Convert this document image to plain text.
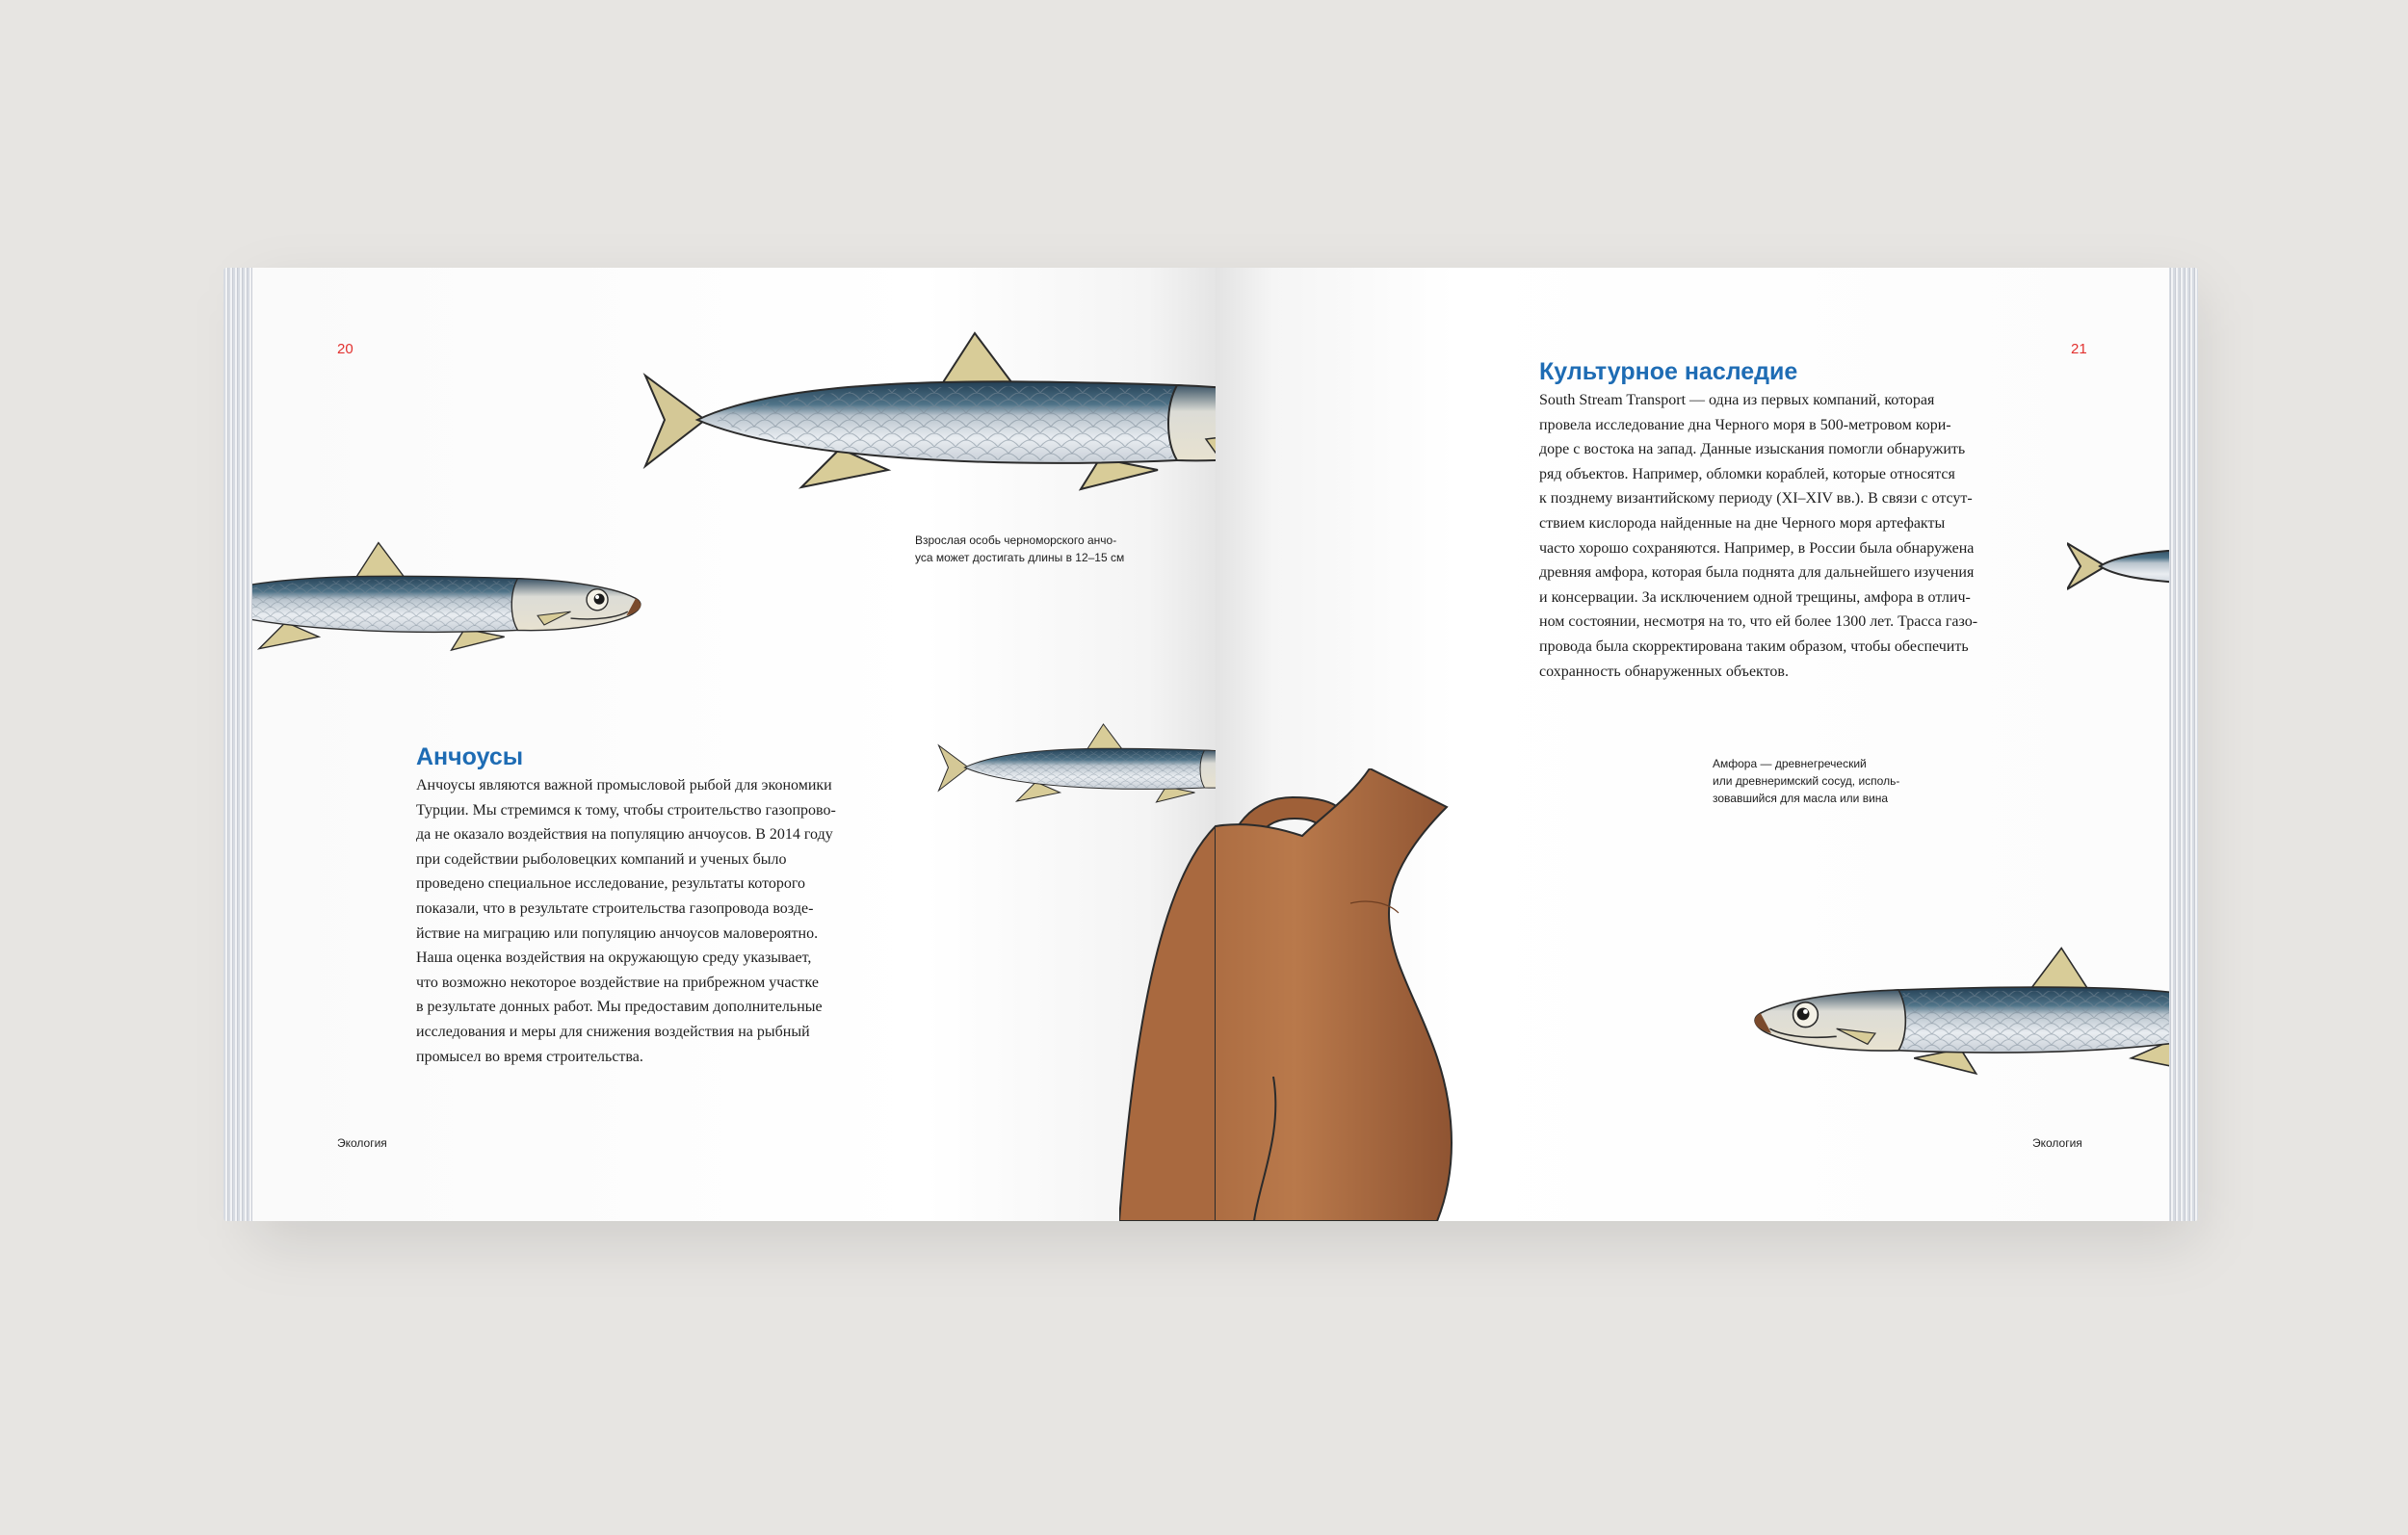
20

Взрослая особь черноморского анчо-
уса может достигать длины в 12–15 см

Анчоусы

Анчоусы являются важной промысловой рыбой для экономики
Турции. Мы стремимся к тому, чтобы строительство газопрово-
да не оказало воздействия на популяцию анчоусов. В 2014 году
при содействии рыболовецких компаний и ученых было
проведено специальное исследование, результаты которого
показали, что в результате строительства газопровода возде-
йствие на миграцию или популяцию анчоусов маловероятно.
Наша оценка воздействия на окружающую среду указывает,
что возможно некоторое воздействие на прибрежном участке
в результате донных работ. Мы предоставим дополнительные
исследования и меры для снижения воздействия на рыбный
промысел во время строительства.

Экология
21
Культурное наследие

South Stream Transport — одна из первых компаний, которая
провела исследование дна Черного моря в 500-метровом кори-
доре с востока на запад. Данные изыскания помогли обнаружить
ряд объектов. Например, обломки кораблей, которые относятся
к позднему византийскому периоду (XI–XIV вв.). В связи с отсут-
ствием кислорода найденные на дне Черного моря артефакты
часто хорошо сохраняются. Например, в России была обнаружена
древняя амфора, которая была поднята для дальнейшего изучения
и консервации. За исключением одной трещины, амфора в отлич-
ном состоянии, несмотря на то, что ей более 1300 лет. Трасса газо-
провода была скорректирована таким образом, чтобы обеспечить
сохранность обнаруженных объектов.

Амфора — древнегреческий
или древнеримский сосуд, исполь-
зовавшийся для масла или вина

Экология
